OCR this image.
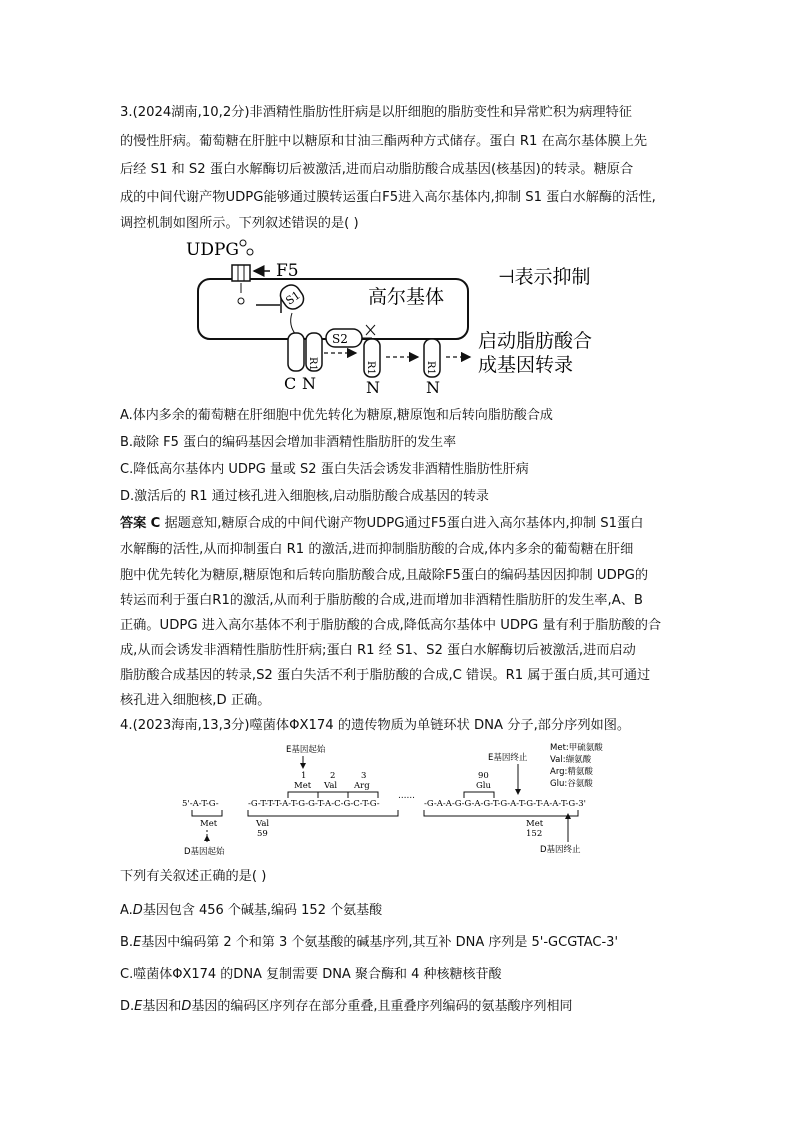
3.(2024湖南,10,2分)非酒精性脂肪性肝病是以肝细胞的脂肪变性和异常贮积为病理特征
的慢性肝病。葡萄糖在肝脏中以糖原和甘油三酯两种方式储存。蛋白 R1 在高尔基体膜上先
后经 S1 和 S2 蛋白水解酶切后被激活,进而启动脂肪酸合成基因(核基因)的转录。糖原合
成的中间代谢产物UDPG能够通过膜转运蛋白F5进入高尔基体内,抑制 S1 蛋白水解酶的活性,
调控机制如图所示。下列叙述错误的是( )
高尔基体
UDPG
F5
S1
S2
R1
C N
R1
N
R1
N
⊣表示抑制
启动脂肪酸合
成基因转录
A.体内多余的葡萄糖在肝细胞中优先转化为糖原,糖原饱和后转向脂肪酸合成
B.敲除 F5 蛋白的编码基因会增加非酒精性脂肪肝的发生率
C.降低高尔基体内 UDPG 量或 S2 蛋白失活会诱发非酒精性脂肪性肝病
D.激活后的 R1 通过核孔进入细胞核,启动脂肪酸合成基因的转录
答案 C 据题意知,糖原合成的中间代谢产物UDPG通过F5蛋白进入高尔基体内,抑制 S1蛋白
水解酶的活性,从而抑制蛋白 R1 的激活,进而抑制脂肪酸的合成,体内多余的葡萄糖在肝细
胞中优先转化为糖原,糖原饱和后转向脂肪酸合成,且敲除F5蛋白的编码基因因抑制 UDPG的
转运而利于蛋白R1的激活,从而利于脂肪酸的合成,进而增加非酒精性脂肪肝的发生率,A、B
正确。UDPG 进入高尔基体不利于脂肪酸的合成,降低高尔基体中 UDPG 量有利于脂肪酸的合
成,从而会诱发非酒精性脂肪性肝病;蛋白 R1 经 S1、S2 蛋白水解酶切后被激活,进而启动
脂肪酸合成基因的转录,S2 蛋白失活不利于脂肪酸的合成,C 错误。R1 属于蛋白质,其可通过
核孔进入细胞核,D 正确。
4.(2023海南,13,3分)噬菌体ΦX174 的遗传物质为单链环状 DNA 分子,部分序列如图。
E基因起始
1
Met
2
Val
3
Arg
90
Glu
E基因终止
Met:甲硫氨酸
Val:缬氨酸
Arg:精氨酸
Glu:谷氨酸
5'-A-T-G-	-G-T-T-T-A-T-G-G-T-A-C-G-C-T-G-
……
-G-A-A-G-G-A-G-T-G-A-T-G-T-A-A-T-G-3'
Met
D基因起始
Val
59
Met
152
D基因终止
下列有关叙述正确的是( )
A.D基因包含 456 个碱基,编码 152 个氨基酸
B.E基因中编码第 2 个和第 3 个氨基酸的碱基序列,其互补 DNA 序列是 5'-GCGTAC-3'
C.噬菌体ΦX174 的DNA 复制需要 DNA 聚合酶和 4 种核糖核苷酸
D.E基因和D基因的编码区序列存在部分重叠,且重叠序列编码的氨基酸序列相同
